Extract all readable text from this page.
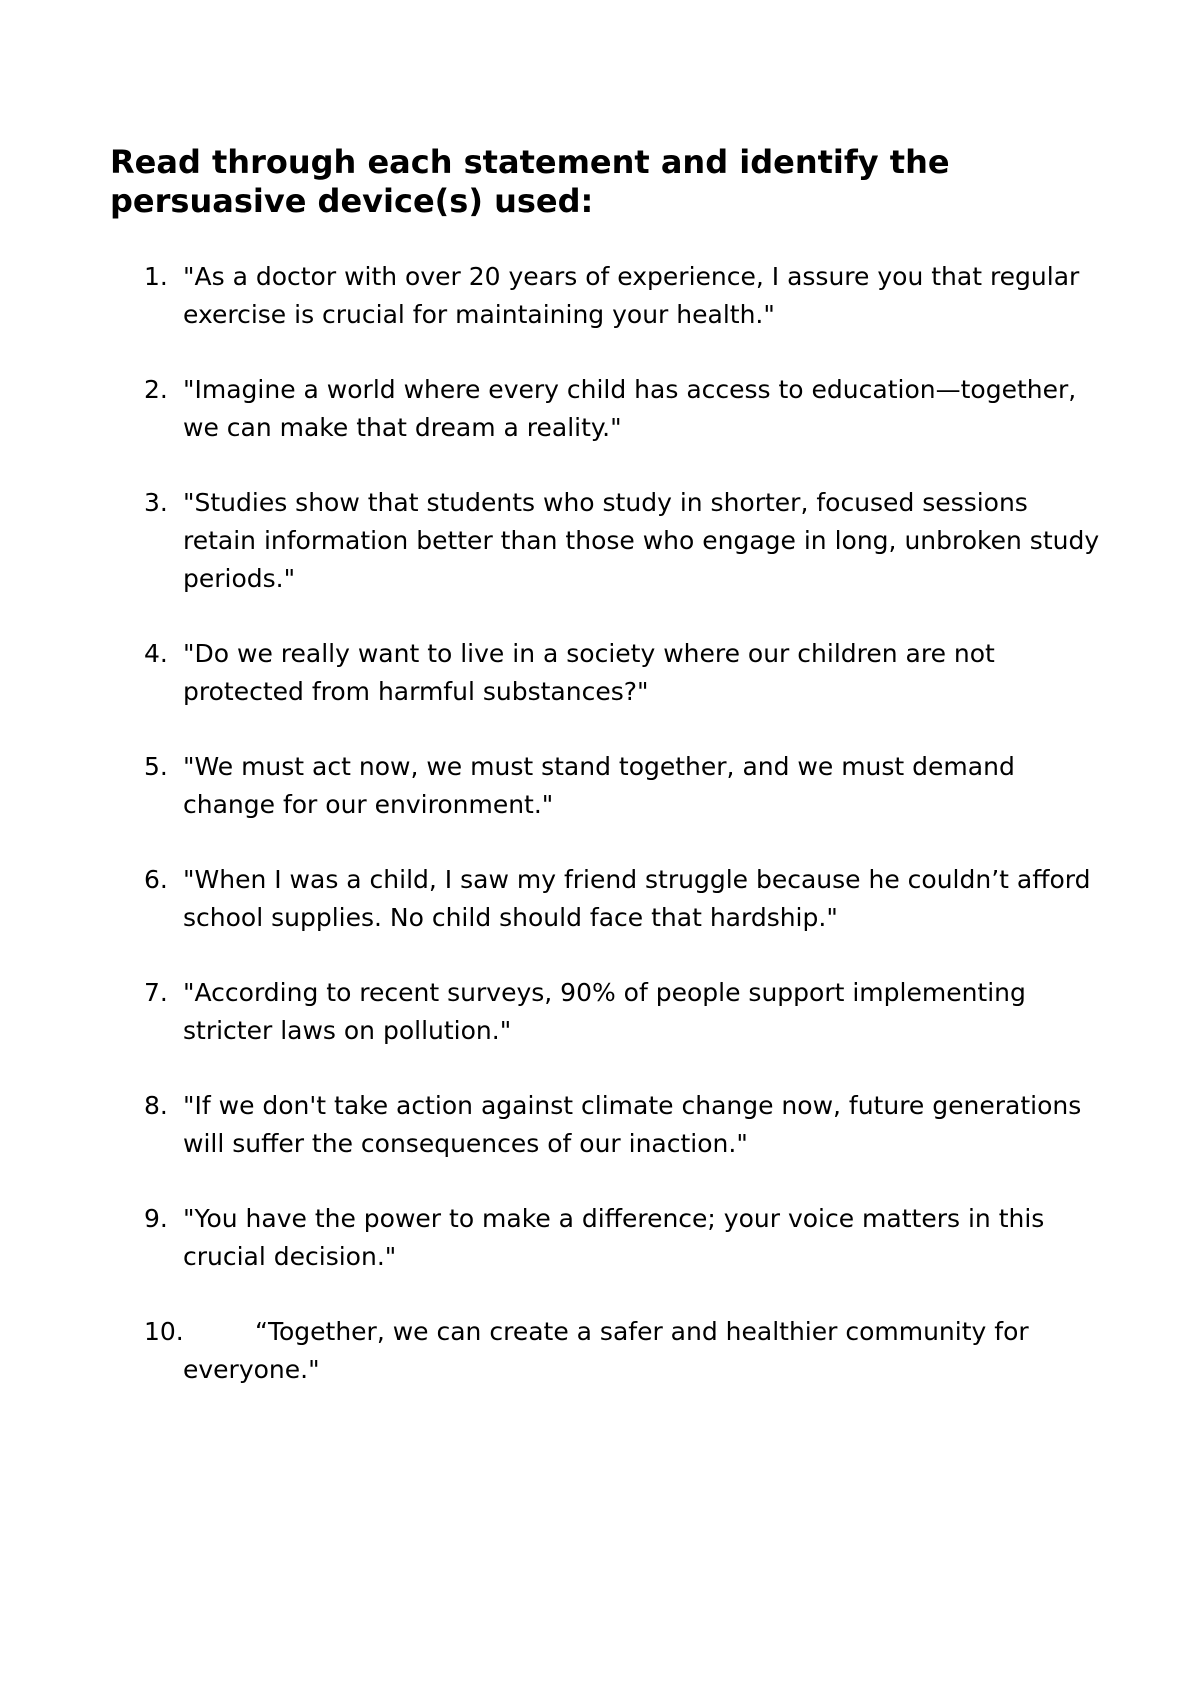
Read through each statement and identify the persuasive device(s) used:
1. "As a doctor with over 20 years of experience, I assure you that regular exercise is crucial for maintaining your health."
2. "Imagine a world where every child has access to education—together, we can make that dream a reality."
3. "Studies show that students who study in shorter, focused sessions retain information better than those who engage in long, unbroken study periods."
4. "Do we really want to live in a society where our children are not protected from harmful substances?"
5. "We must act now, we must stand together, and we must demand change for our environment."
6. "When I was a child, I saw my friend struggle because he couldn’t afford school supplies. No child should face that hardship."
7. "According to recent surveys, 90% of people support implementing stricter laws on pollution."
8. "If we don't take action against climate change now, future generations will suffer the consequences of our inaction."
9. "You have the power to make a difference; your voice matters in this crucial decision."
10.	“Together, we can create a safer and healthier community for everyone."
